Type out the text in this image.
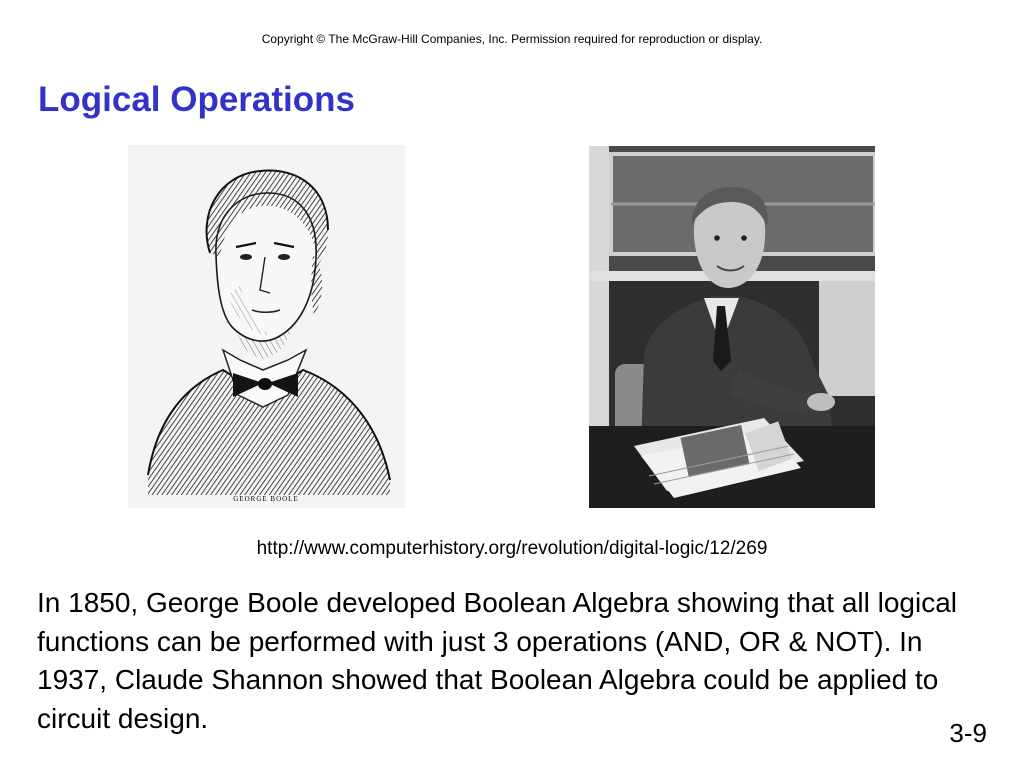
Copyright © The McGraw-Hill Companies, Inc. Permission required for reproduction or display.
Logical Operations
GEORGE BOOLE
http://www.computerhistory.org/revolution/digital-logic/12/269

In 1850, George Boole developed Boolean Algebra showing that all logical functions can be performed with just 3 operations (AND, OR & NOT). In 1937, Claude Shannon showed that Boolean Algebra could be applied to circuit design.	3-9
